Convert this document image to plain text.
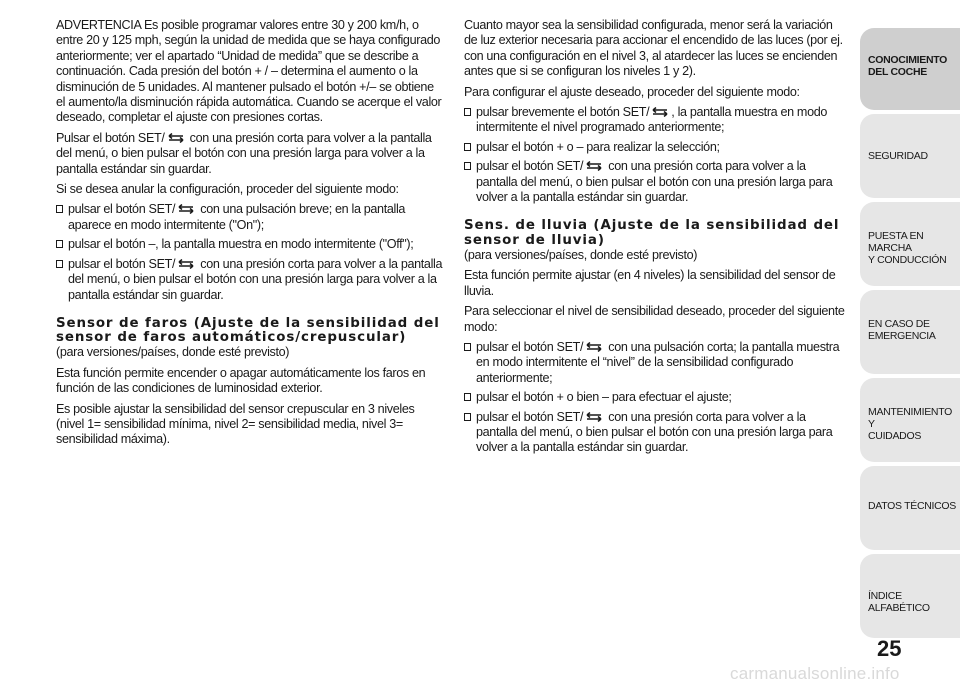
ADVERTENCIA Es posible programar valores entre 30 y 200 km/h, o entre 20 y 125 mph, según la unidad de medida que se haya configurado anteriormente; ver el apartado “Unidad de medida” que se describe a continuación. Cada presión del botón + / – determina el aumento o la disminución de 5 unidades. Al mantener pulsado el botón +/– se obtiene el aumento/la disminución rápida automática. Cuando se acerque el valor deseado, completar el ajuste con presiones cortas.

Pulsar el botón SET/
con una presión corta para volver a la pantalla del menú, o bien pulsar el botón con una presión larga para volver a la pantalla estándar sin guardar.

Si se desea anular la configuración, proceder del siguiente modo:

pulsar el botón SET/
con una pulsación breve; en la pantalla aparece en modo intermitente ("On");
pulsar el botón –, la pantalla muestra en modo intermitente ("Off");
pulsar el botón SET/
con una presión corta para volver a la pantalla del menú, o bien pulsar el botón con una presión larga para volver a la pantalla estándar sin guardar.
Sensor de faros (Ajuste de la sensibilidad del sensor de faros automáticos/crepuscular)

(para versiones/países, donde esté previsto)

Esta función permite encender o apagar automáticamente los faros en función de las condiciones de luminosidad exterior.

Es posible ajustar la sensibilidad del sensor crepuscular en 3 niveles (nivel 1= sensibilidad mínima, nivel 2= sensibilidad media, nivel 3= sensibilidad máxima).

Cuanto mayor sea la sensibilidad configurada, menor será la variación de luz exterior necesaria para accionar el encendido de las luces (por ej. con una configuración en el nivel 3, al atardecer las luces se encienden antes que si se configuran los niveles 1 y 2).

Para configurar el ajuste deseado, proceder del siguiente modo:

pulsar brevemente el botón SET/ , la pantalla muestra en modo intermitente el nivel programado anteriormente;
pulsar el botón + o – para realizar la selección;
pulsar el botón SET/
con una presión corta para volver a la pantalla del menú, o bien pulsar el botón con una presión larga para volver a la pantalla estándar sin guardar.
Sens. de lluvia (Ajuste de la sensibilidad del sensor de lluvia)

(para versiones/países, donde esté previsto)

Esta función permite ajustar (en 4 niveles) la sensibilidad del sensor de lluvia.

Para seleccionar el nivel de sensibilidad deseado, proceder del siguiente modo:

pulsar el botón SET/
con una pulsación corta; la pantalla muestra en modo intermitente el “nivel” de la sensibilidad configurado anteriormente;
pulsar el botón + o bien – para efectuar el ajuste;
pulsar el botón SET/
con una presión corta para volver a la pantalla del menú, o bien pulsar el botón con una presión larga para volver a la pantalla estándar sin guardar.
CONOCIMIENTO
DEL COCHE
SEGURIDAD
PUESTA EN MARCHA
Y CONDUCCIÓN
EN CASO DE
EMERGENCIA
MANTENIMIENTO Y
CUIDADOS
DATOS TÉCNICOS
ÍNDICE ALFABÉTICO
25
carmanualsonline.info
